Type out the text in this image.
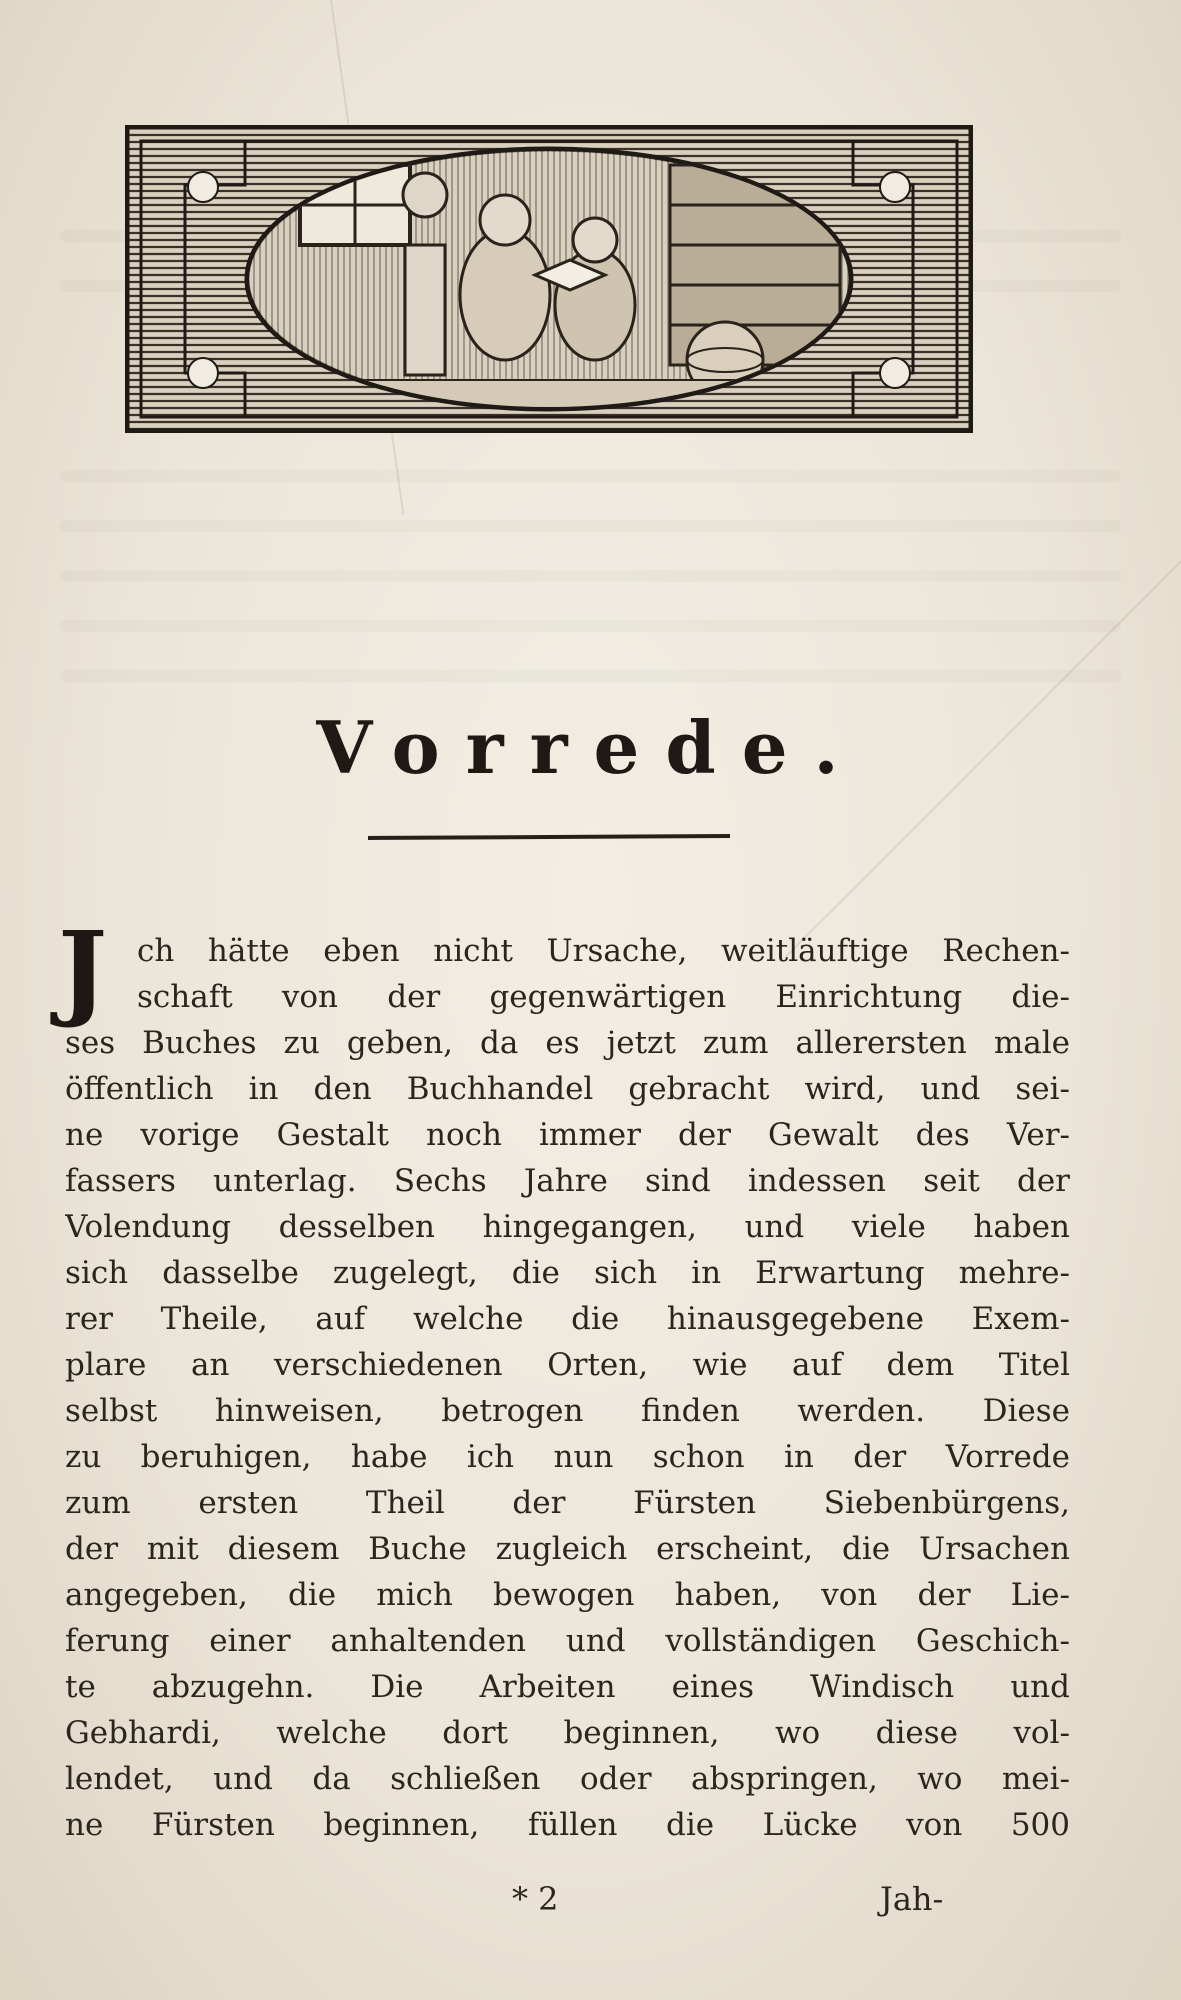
Vorrede.
J ch hätte eben nicht Ursache, weitläuftige Rechen-
schaft von der gegenwärtigen Einrichtung die-
ses Buches zu geben, da es jetzt zum allerersten male
öffentlich in den Buchhandel gebracht wird, und sei-
ne vorige Gestalt noch immer der Gewalt des Ver-
fassers unterlag. Sechs Jahre sind indessen seit der
Volendung desselben hingegangen, und viele haben
sich dasselbe zugelegt, die sich in Erwartung mehre-
rer Theile, auf welche die hinausgegebene Exem-
plare an verschiedenen Orten, wie auf dem Titel
selbst hinweisen, betrogen finden werden. Diese
zu beruhigen, habe ich nun schon in der Vorrede
zum ersten Theil der Fürsten Siebenbürgens,
der mit diesem Buche zugleich erscheint, die Ursachen
angegeben, die mich bewogen haben, von der Lie-
ferung einer anhaltenden und vollständigen Geschich-
te abzugehn. Die Arbeiten eines Windisch und
Gebhardi, welche dort beginnen, wo diese vol-
lendet, und da schließen oder abspringen, wo mei-
ne Fürsten beginnen, füllen die Lücke von 500
* 2	Jah-
